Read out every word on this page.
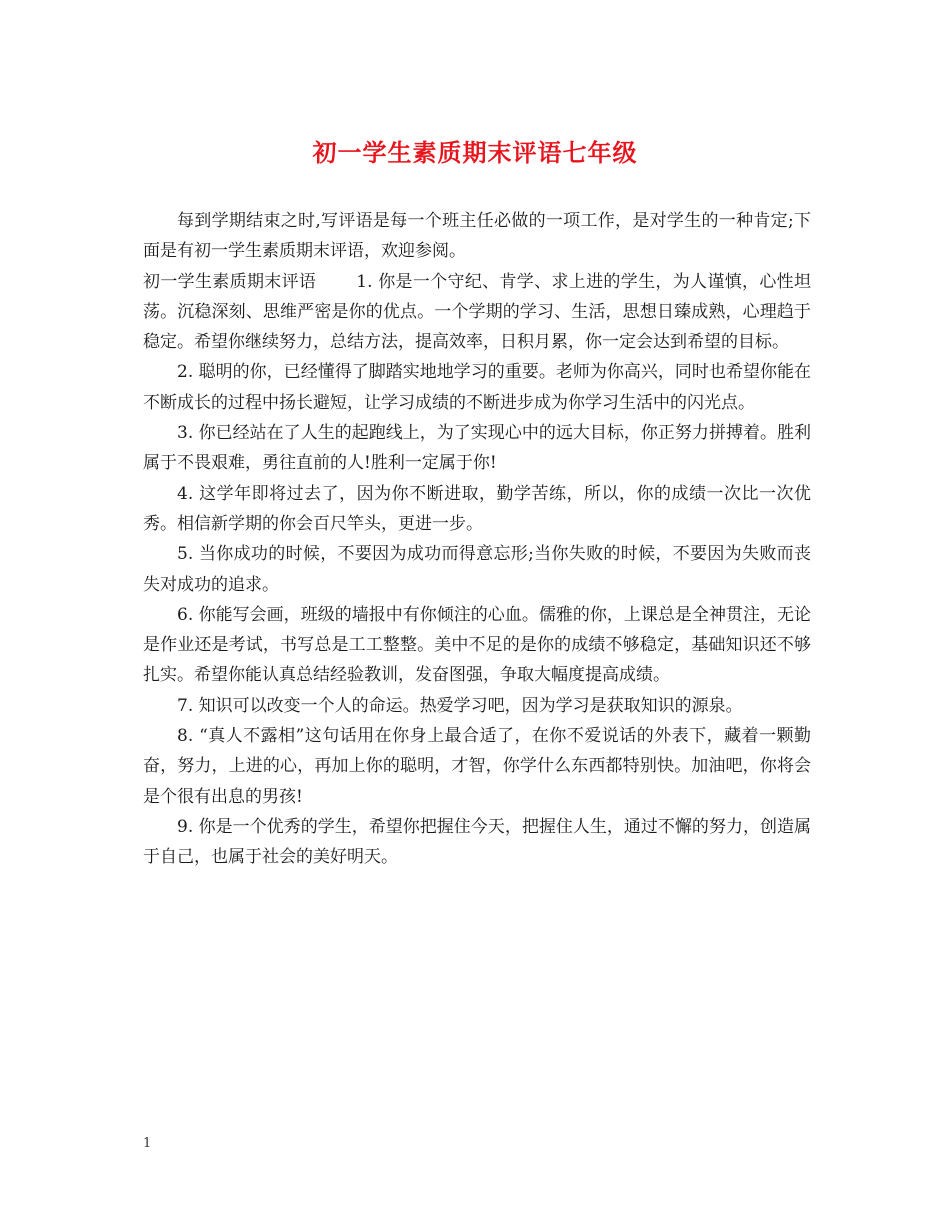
初一学生素质期末评语七年级

每到学期结束之时,写评语是每一个班主任必做的一项工作，是对学生的一种肯定;下面是有初一学生素质期末评语，欢迎参阅。

初一学生素质期末评语 1. 你是一个守纪、肯学、求上进的学生，为人谨慎，心性坦荡。沉稳深刻、思维严密是你的优点。一个学期的学习、生活，思想日臻成熟，心理趋于稳定。希望你继续努力，总结方法，提高效率，日积月累，你一定会达到希望的目标。

2. 聪明的你，已经懂得了脚踏实地地学习的重要。老师为你高兴，同时也希望你能在不断成长的过程中扬长避短，让学习成绩的不断进步成为你学习生活中的闪光点。

3. 你已经站在了人生的起跑线上，为了实现心中的远大目标，你正努力拼搏着。胜利属于不畏艰难，勇往直前的人!胜利一定属于你!

4. 这学年即将过去了，因为你不断进取，勤学苦练，所以，你的成绩一次比一次优秀。相信新学期的你会百尺竿头，更进一步。

5. 当你成功的时候，不要因为成功而得意忘形;当你失败的时候，不要因为失败而丧失对成功的追求。

6. 你能写会画，班级的墙报中有你倾注的心血。儒雅的你，上课总是全神贯注，无论是作业还是考试，书写总是工工整整。美中不足的是你的成绩不够稳定，基础知识还不够扎实。希望你能认真总结经验教训，发奋图强，争取大幅度提高成绩。

7. 知识可以改变一个人的命运。热爱学习吧，因为学习是获取知识的源泉。

8. “真人不露相”这句话用在你身上最合适了，在你不爱说话的外表下，藏着一颗勤奋，努力，上进的心，再加上你的聪明，才智，你学什么东西都特别快。加油吧，你将会是个很有出息的男孩!

9. 你是一个优秀的学生，希望你把握住今天，把握住人生，通过不懈的努力，创造属于自己，也属于社会的美好明天。

1
